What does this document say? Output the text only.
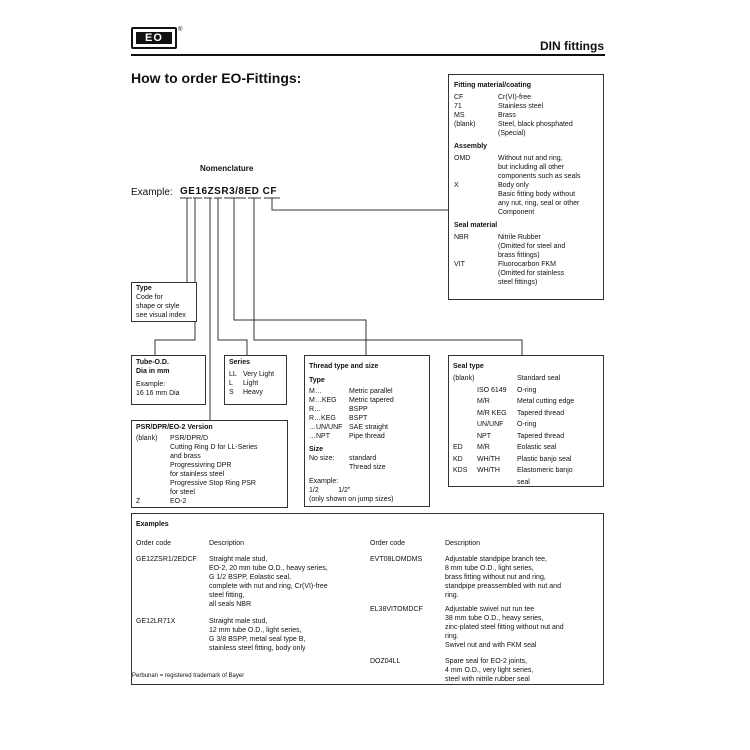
EO
®
DIN fittings
How to order EO-Fittings:
Nomenclature
Example: GE16ZSR3/8ED CF
Fitting material/coating
CF	Cr(VI)-free
71	Stainless steel
MS	Brass
(blank)	Steel, black phosphated
(Special)
Assembly
OMD	Without nut and ring,
but including all other
components such as seals
X	Body only
Basic fitting body without
any nut, ring, seal or other
Component
Seal material
NBR	Nitrile Rubber
(Omitted for steel and
brass fittings)
VIT	Fluorocarbon FKM
(Omitted for stainless
steel fittings)
Type
Code for
shape or style
see visual index
Tube-O.D.
Dia in mm
Example:
16 16 mm Dia
Series
LL Very Light
L	Light
S	Heavy
Thread type and size
Type
M…	Metric parallel
M…KEG	Metric tapered
R…	BSPP
R…KEG	BSPT
…UN/UNF SAE straight
…NPT	Pipe thread
Size
No size:	standard
Thread size
Example:
1/2          1/2"
(only shown on jump sizes)
Seal type
(blank)	Standard seal
ISO 6149	O-ring
M/R	Metal cutting edge
M/R KEG	Tapered thread
UN/UNF	O-ring
NPT	Tapered thread
ED	M/R	Eolastic seal
KD	WH/TH	Plastic banjo seal
KDS	WH/TH	Elastomeric banjo
seal
PSR/DPR/EO-2 Version
(blank)	PSR/DPR/D
Cutting Ring D for LL-Series
and brass
Progressivring DPR
for stainless steel
Progressive Stop Ring PSR
for steel
Z	EO-2
Examples
Order code	Description	Order code	Description
GE12ZSR1/2EDCF Straight male stud,
EO-2, 20 mm tube O.D., heavy series,
G 1/2 BSPP, Eolastic seal,
complete with nut and ring, Cr(VI)-free
steel fitting,
all seals NBR
GE12LR71X	Straight male stud,
12 mm tube O.D., light series,
G 3/8 BSPP, metal seal type B,
stainless steel fitting, body only
EVT08LOMDMS	Adjustable standpipe branch tee,
8 mm tube O.D., light series,
brass fitting without nut and ring,
standpipe preassembled with nut and
ring.
EL38VITOMDCF	Adjustable swivel nut run tee
38 mm tube O.D., heavy series,
zinc-plated steel fitting without nut and
ring.
Swivel nut and with FKM seal
DOZ04LL	Spare seal for EO-2 joints,
4 mm O.D., very light series,
steel with nitrile rubber seal
Perbunan = registered trademark of Bayer
